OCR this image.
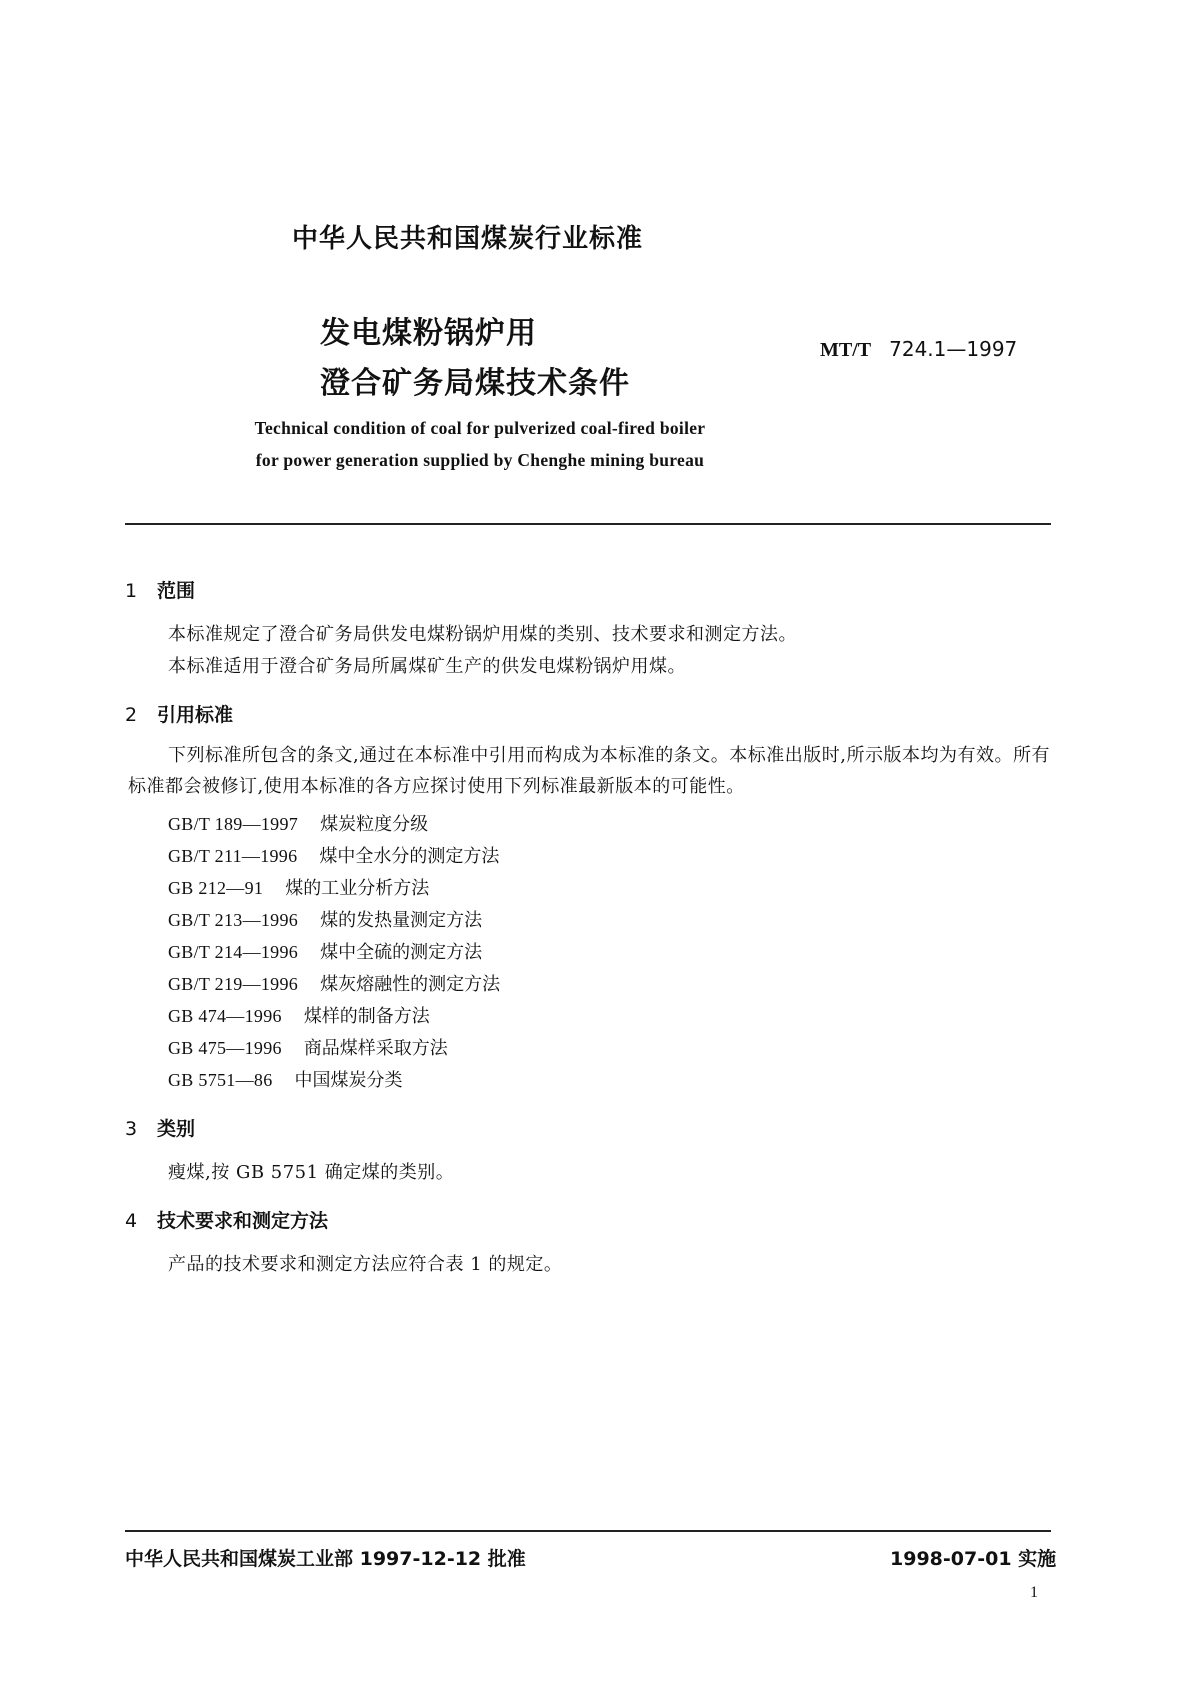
中华人民共和国煤炭行业标准
发电煤粉锅炉用
澄合矿务局煤技术条件
MT/T 724.1—1997
Technical condition of coal for pulverized coal-fired boiler
for power generation supplied by Chenghe mining bureau
1 范围
本标准规定了澄合矿务局供发电煤粉锅炉用煤的类别、技术要求和测定方法。
本标准适用于澄合矿务局所属煤矿生产的供发电煤粉锅炉用煤。
2 引用标准
下列标准所包含的条文,通过在本标准中引用而构成为本标准的条文。本标准出版时,所示版本均为有效。所有标准都会被修订,使用本标准的各方应探讨使用下列标准最新版本的可能性。
GB/T 189—1997 煤炭粒度分级
GB/T 211—1996 煤中全水分的测定方法
GB 212—91 煤的工业分析方法
GB/T 213—1996 煤的发热量测定方法
GB/T 214—1996 煤中全硫的测定方法
GB/T 219—1996 煤灰熔融性的测定方法
GB 474—1996 煤样的制备方法
GB 475—1996 商品煤样采取方法
GB 5751—86 中国煤炭分类
3 类别
瘦煤,按 GB 5751 确定煤的类别。
4 技术要求和测定方法
产品的技术要求和测定方法应符合表 1 的规定。
中华人民共和国煤炭工业部 1997-12-12 批准	1998-07-01 实施
1
